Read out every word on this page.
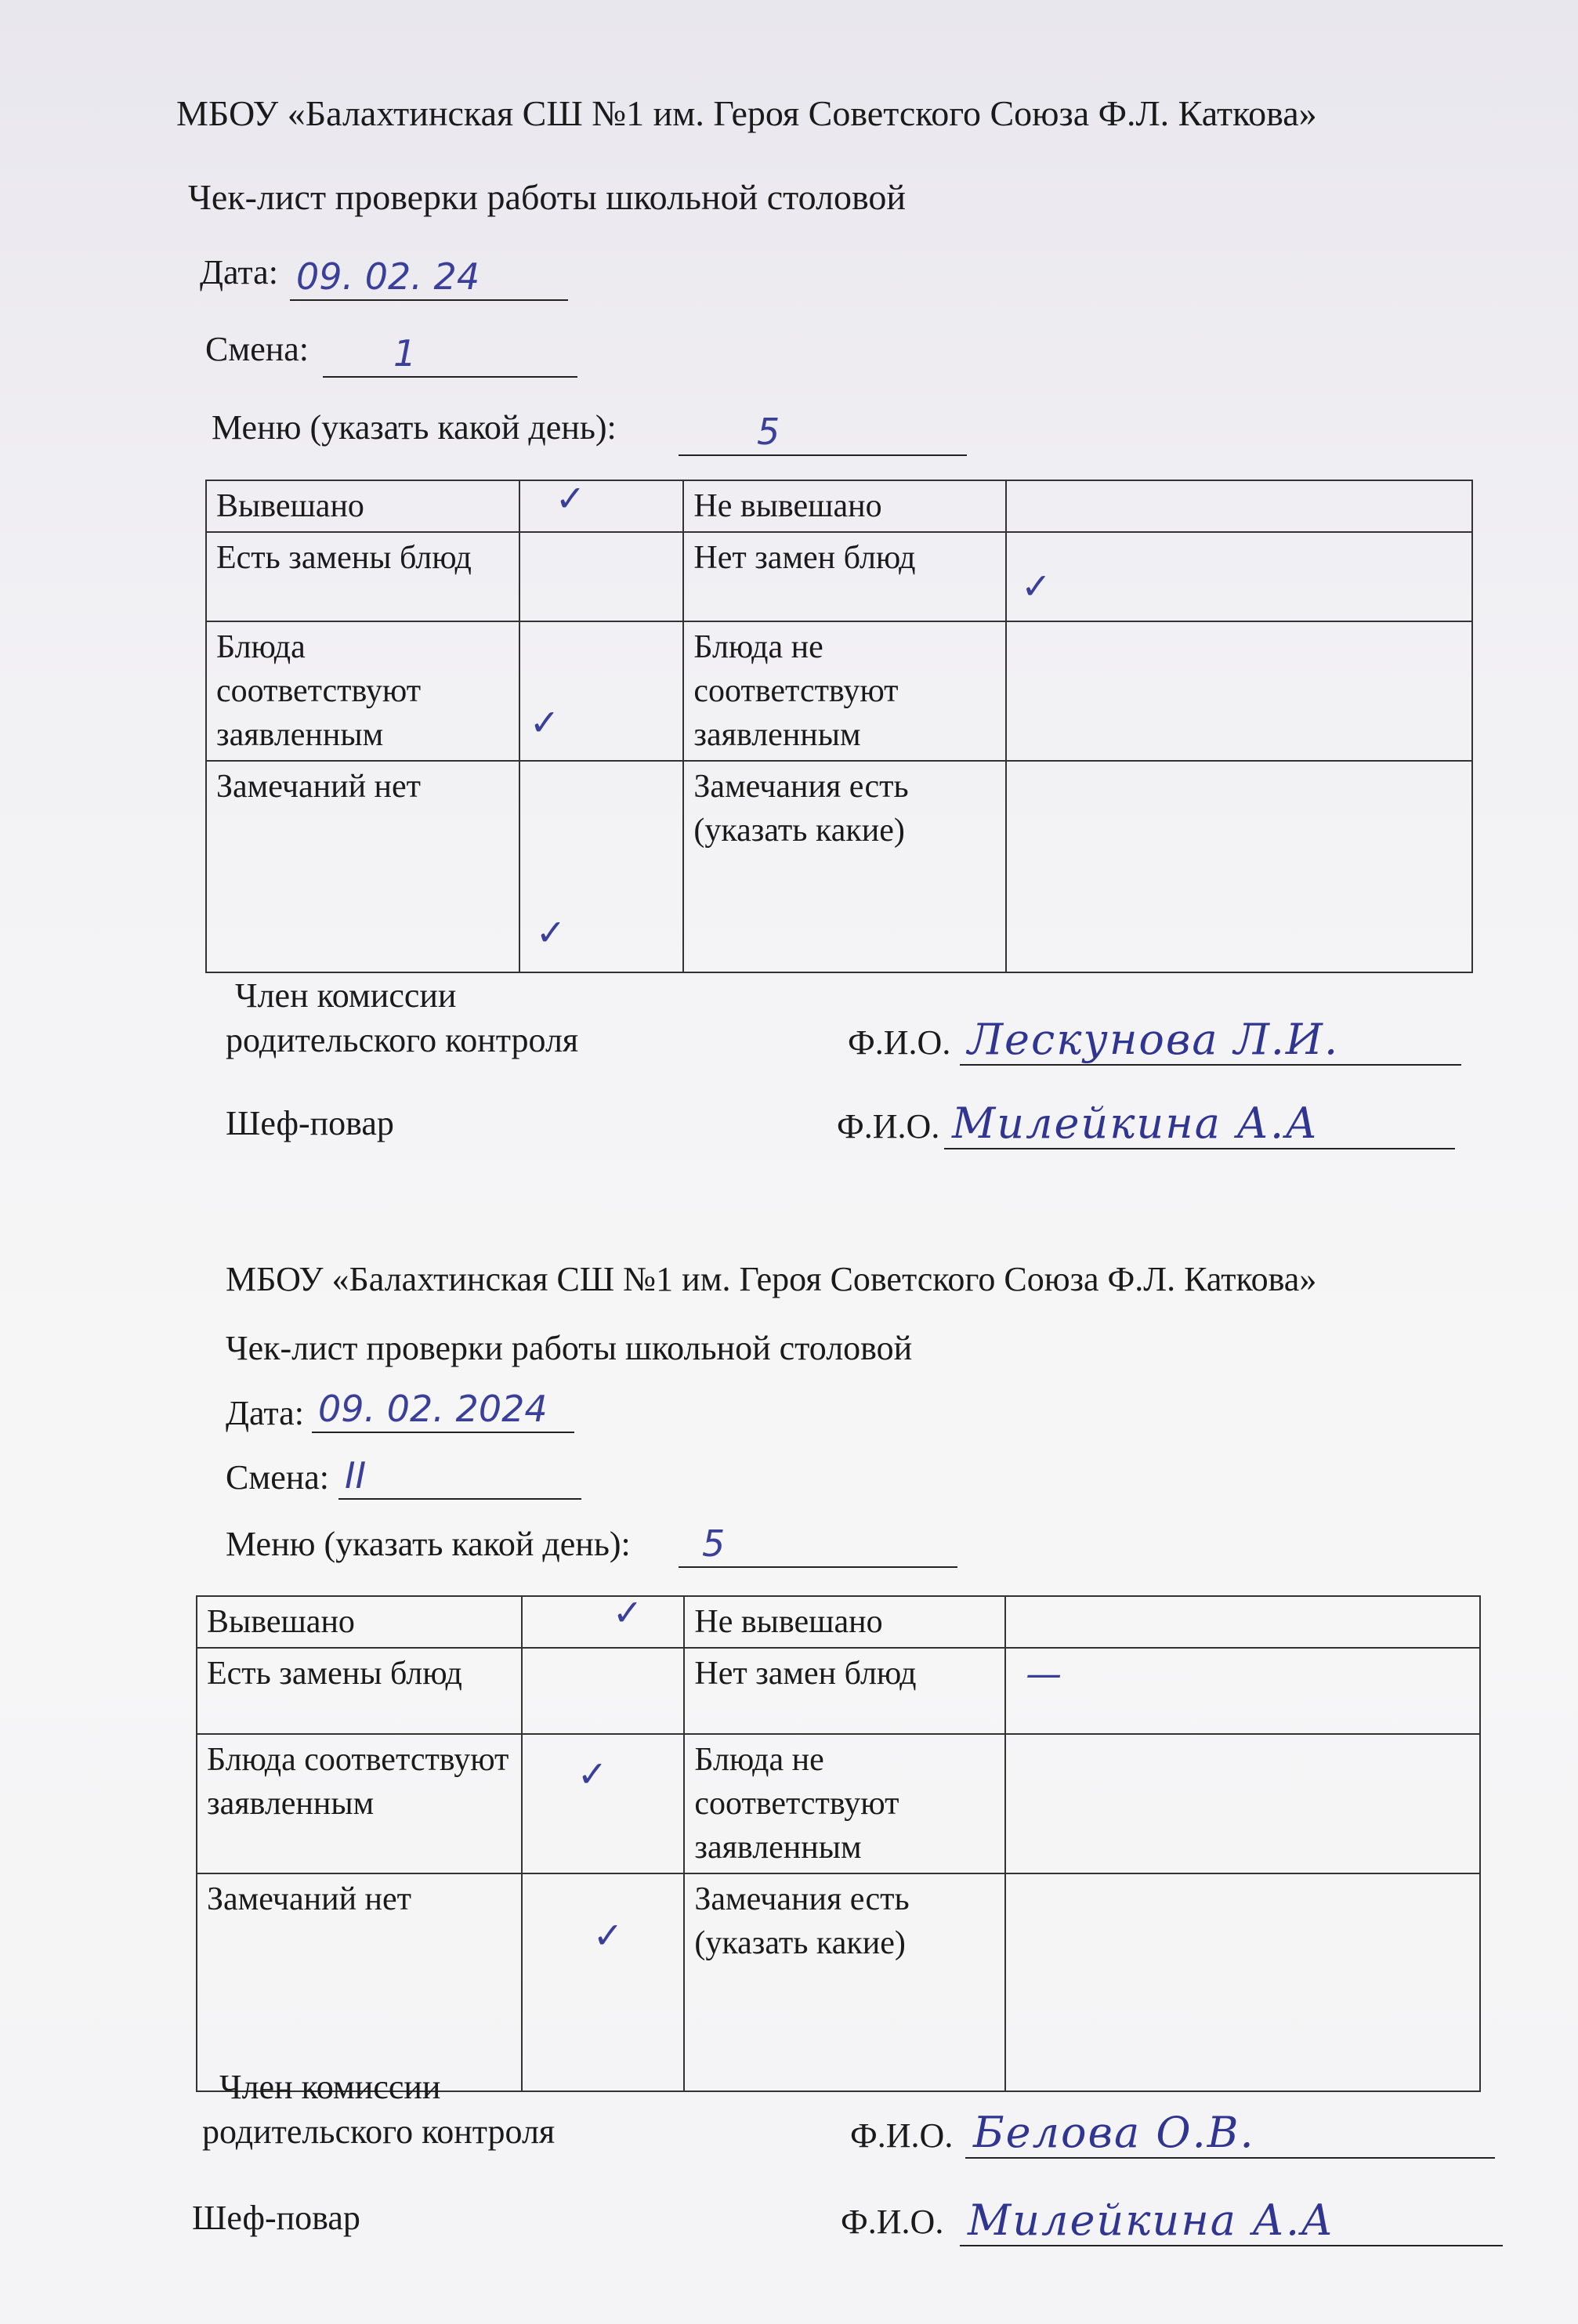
МБОУ «Балахтинская СШ №1 им. Героя Советского Союза Ф.Л. Каткова»
Чек-лист проверки работы школьной столовой
Дата: 09. 02. 24
Смена: 1
Меню (указать какой день):	5
Вывешано	✓	Не вывешано	

Есть замены блюд		Нет замен блюд	✓

Блюда соответствуют заявленным	✓	Блюда не соответствуют заявленным	

Замечаний нет	✓	Замечания есть (указать какие)	
Член комиссии
родительского контроля	Ф.И.О. Лескунова Л.И.
Шеф-повар	Ф.И.О. Милейкина А.А
МБОУ «Балахтинская СШ №1 им. Героя Советского Союза Ф.Л. Каткова»
Чек-лист проверки работы школьной столовой
Дата: 09. 02. 2024
Смена: II
Меню (указать какой день): 5
Вывешано	✓	Не вывешано	

Есть замены блюд		Нет замен блюд	—

Блюда соответствуют заявленным	✓	Блюда не соответствуют заявленным	

Замечаний нет	✓	Замечания есть (указать какие)	
Член комиссии
родительского контроля	Ф.И.О. Белова О.В.
Шеф-повар	Ф.И.О. Милейкина А.А
